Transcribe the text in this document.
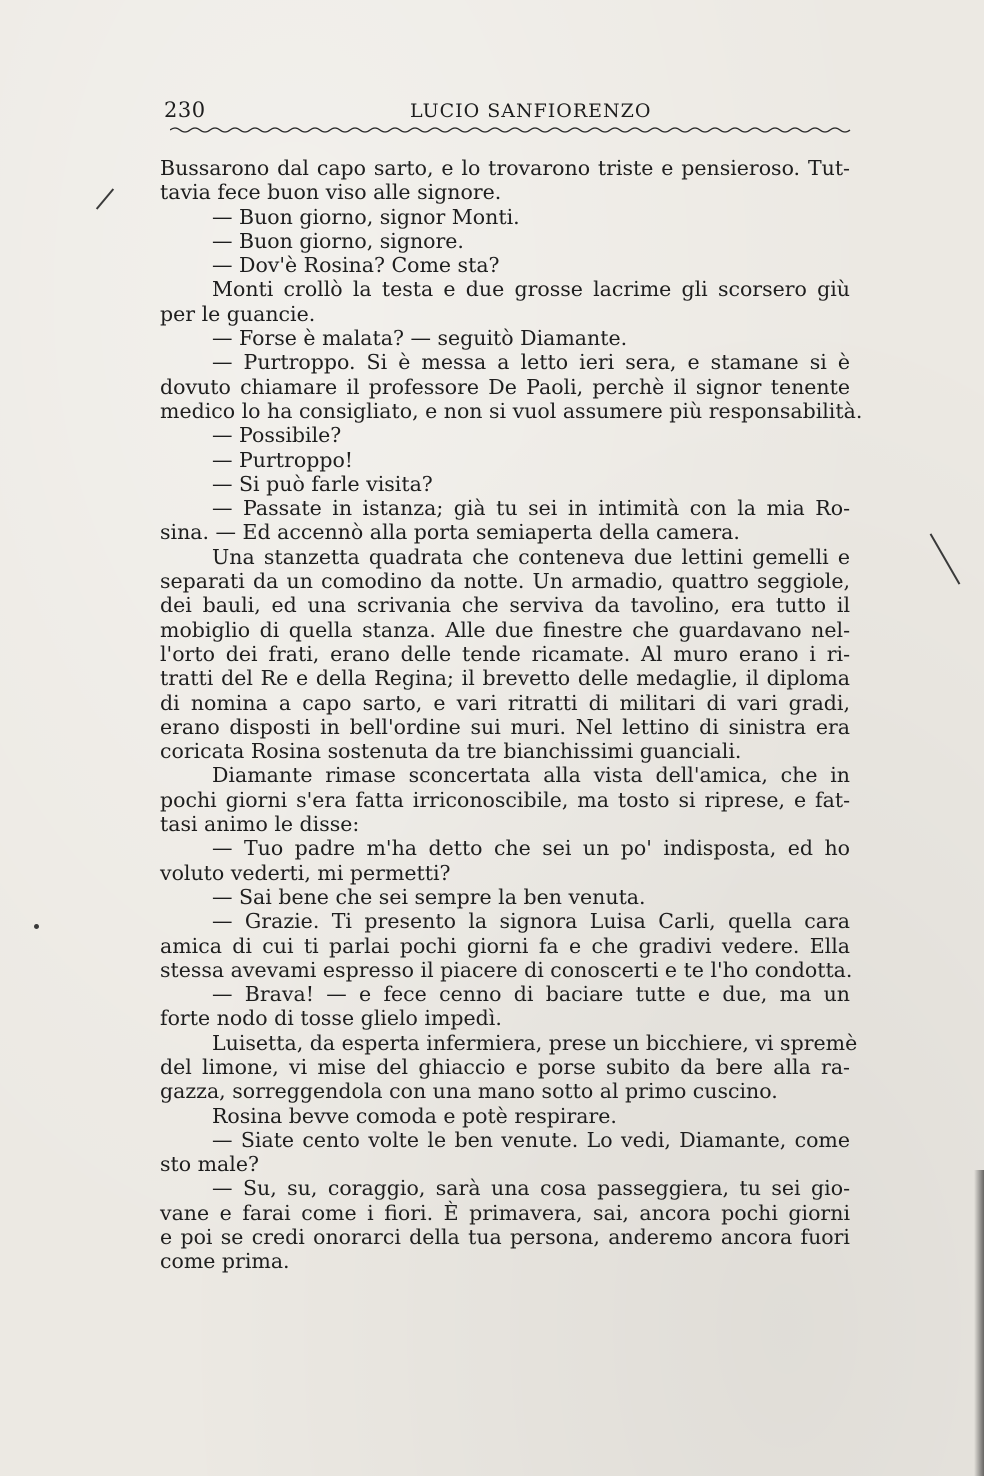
230	LUCIO SANFIORENZO
Bussarono dal capo sarto, e lo trovarono triste e pensieroso. Tut-
tavia fece buon viso alle signore.
— Buon giorno, signor Monti.
— Buon giorno, signore.
— Dov'è Rosina? Come sta?
Monti crollò la testa e due grosse lacrime gli scorsero giù
per le guancie.
— Forse è malata? — seguitò Diamante.
— Purtroppo. Si è messa a letto ieri sera, e stamane si è
dovuto chiamare il professore De Paoli, perchè il signor tenente
medico lo ha consigliato, e non si vuol assumere più responsabilità.
— Possibile?
— Purtroppo!
— Si può farle visita?
— Passate in istanza; già tu sei in intimità con la mia Ro-
sina. — Ed accennò alla porta semiaperta della camera.
Una stanzetta quadrata che conteneva due lettini gemelli e
separati da un comodino da notte. Un armadio, quattro seggiole,
dei bauli, ed una scrivania che serviva da tavolino, era tutto il
mobiglio di quella stanza. Alle due finestre che guardavano nel-
l'orto dei frati, erano delle tende ricamate. Al muro erano i ri-
tratti del Re e della Regina; il brevetto delle medaglie, il diploma
di nomina a capo sarto, e vari ritratti di militari di vari gradi,
erano disposti in bell'ordine sui muri. Nel lettino di sinistra era
coricata Rosina sostenuta da tre bianchissimi guanciali.
Diamante rimase sconcertata alla vista dell'amica, che in
pochi giorni s'era fatta irriconoscibile, ma tosto si riprese, e fat-
tasi animo le disse:
— Tuo padre m'ha detto che sei un po' indisposta, ed ho
voluto vederti, mi permetti?
— Sai bene che sei sempre la ben venuta.
— Grazie. Ti presento la signora Luisa Carli, quella cara
amica di cui ti parlai pochi giorni fa e che gradivi vedere. Ella
stessa avevami espresso il piacere di conoscerti e te l'ho condotta.
— Brava! — e fece cenno di baciare tutte e due, ma un
forte nodo di tosse glielo impedì.
Luisetta, da esperta infermiera, prese un bicchiere, vi spremè
del limone, vi mise del ghiaccio e porse subito da bere alla ra-
gazza, sorreggendola con una mano sotto al primo cuscino.
Rosina bevve comoda e potè respirare.
— Siate cento volte le ben venute. Lo vedi, Diamante, come
sto male?
— Su, su, coraggio, sarà una cosa passeggiera, tu sei gio-
vane e farai come i fiori. È primavera, sai, ancora pochi giorni
e poi se credi onorarci della tua persona, anderemo ancora fuori
come prima.
